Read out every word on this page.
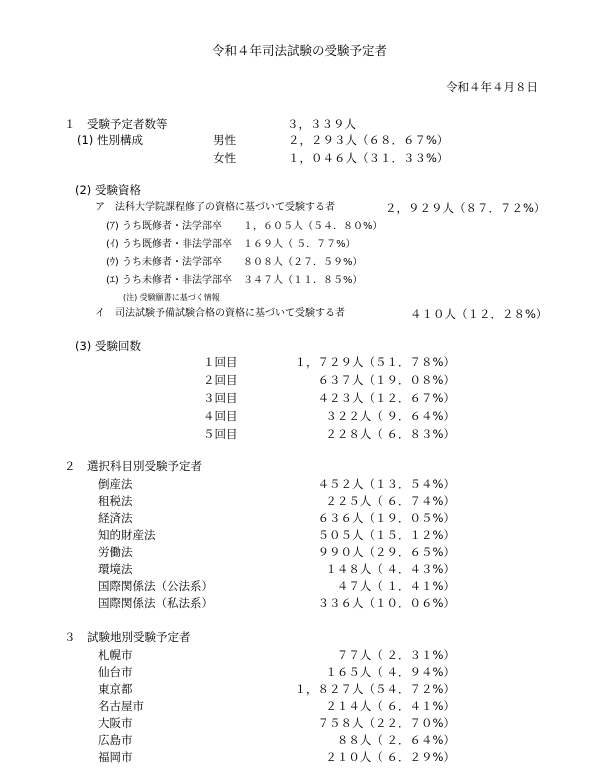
令和４年司法試験の受験予定者
令和４年４月８日
１　受験予定者数等	３，３３９人
(1) 性別構成	男性	２，２９３人（６８．６７%）
女性	１，０４６人（３１．３３%）
(2) 受験資格
ア　法科大学院課程修了の資格に基づいて受験する者	２，９２９人（８７．７２%）
(ｱ) うち既修者・法学部卒 １，６０５人（５４．８０%）
(ｲ) うち既修者・非法学部卒 １６９人（ ５．７７%）
(ｳ) うち未修者・法学部卒 ８０８人（２７．５９%）
(ｴ) うち未修者・非法学部卒 ３４７人（１１．８５%）
(注) 受験願書に基づく情報
イ　司法試験予備試験合格の資格に基づいて受験する者	４１０人（１２．２８%）
(3) 受験回数
１回目	１，７２９人（５１．７８%）
２回目	６３７人（１９．０８%）
３回目	４２３人（１２．６７%）
４回目	３２２人（ ９．６４%）
５回目	２２８人（ ６．８３%）
２　選択科目別受験予定者
倒産法	４５２人（１３．５４%）
租税法	２２５人（ ６．７４%）
経済法	６３６人（１９．０５%）
知的財産法	５０５人（１５．１２%）
労働法	９９０人（２９．６５%）
環境法	１４８人（ ４．４３%）
国際関係法（公法系）	４７人（ １．４１%）
国際関係法（私法系）	３３６人（１０．０６%）
３　試験地別受験予定者
札幌市	７７人（ ２．３１%）
仙台市	１６５人（ ４．９４%）
東京都	１，８２７人（５４．７２%）
名古屋市	２１４人（ ６．４１%）
大阪市	７５８人（２２．７０%）
広島市	８８人（ ２．６４%）
福岡市	２１０人（ ６．２９%）
